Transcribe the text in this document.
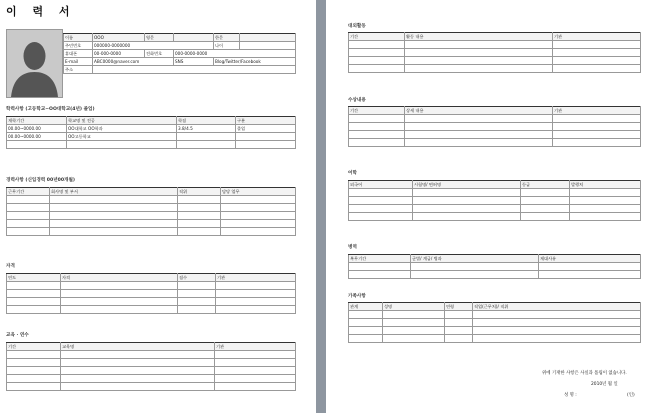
이 력 서
이름	OOO	영문		한문	
주민번호	000000-0000000			나이	
휴대폰	00-000-0000	전화번호	000-0000-0000		
E-mail	ABC0000@naver.com		SNS	Blog/Twitter/Facebook	
주소					
학력사항 (고등학교~OO대학교(4년) 졸업)
재학기간	학교명 및 전공	학점	구분
00.00~0000.00	OO대학교 OO학과	3.8/4.5	졸업
00.00~0000.00	OO고등학교		

경력사항 (신입경력 00년00개월)
근무기간	회사명 및 부서	직위	담당 업무

자격
연도	자격	점수	기관

교육 · 연수
기간	교육명	기관

대외활동
기간	활동 내용	기관

수상내용
기간	상세 내용	기관

어학
외국어	시험명/ 면허명	등급	발행처

병역
복무기간	군별/ 계급/ 병과	제대사유

가족사항
관계	성명	연령	직업(근무처)/ 직위

위에 기재한 사항은 사실과 틀림이 없습니다.
2010년 월 일
성 명 :	(인)
